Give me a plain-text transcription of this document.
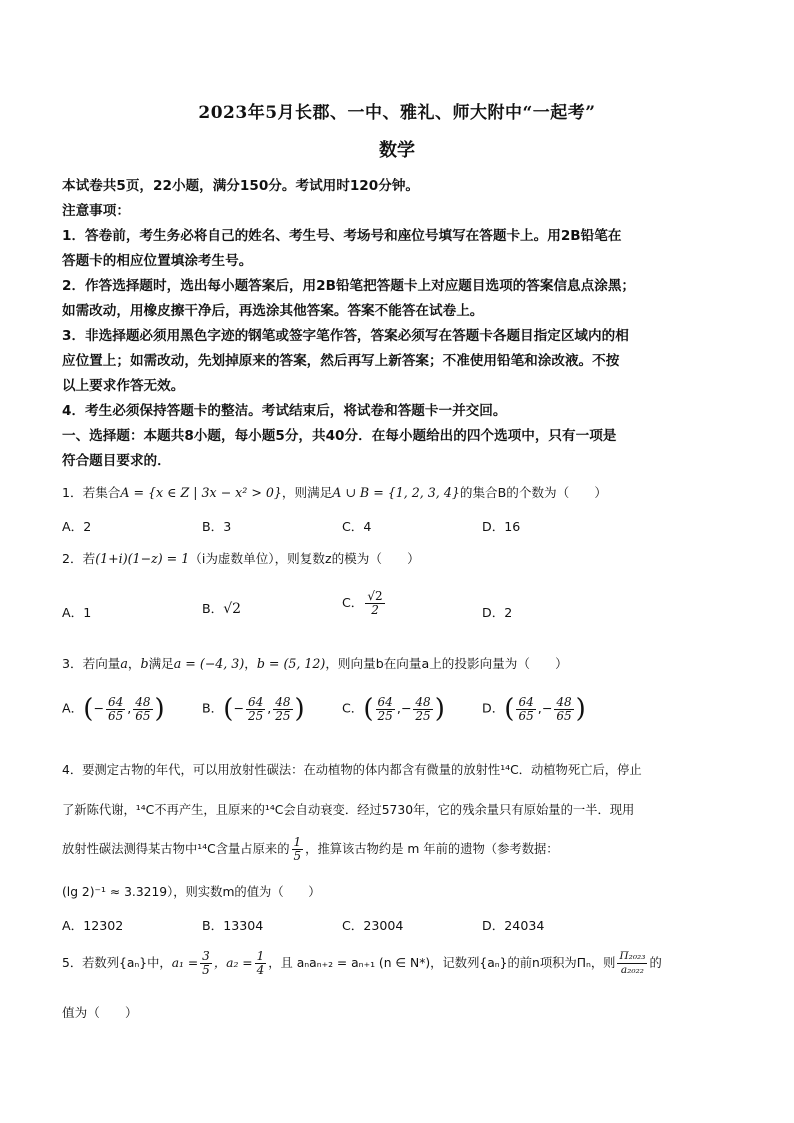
2023年5月长郡、一中、雅礼、师大附中“一起考”
数学
本试卷共5页，22小题，满分150分。考试用时120分钟。
注意事项：
1．答卷前，考生务必将自己的姓名、考生号、考场号和座位号填写在答题卡上。用2B铅笔在
答题卡的相应位置填涂考生号。
2．作答选择题时，选出每小题答案后，用2B铅笔把答题卡上对应题目选项的答案信息点涂黑；
如需改动，用橡皮擦干净后，再选涂其他答案。答案不能答在试卷上。
3．非选择题必须用黑色字迹的钢笔或签字笔作答，答案必须写在答题卡各题目指定区域内的相
应位置上；如需改动，先划掉原来的答案，然后再写上新答案；不准使用铅笔和涂改液。不按
以上要求作答无效。
4．考生必须保持答题卡的整洁。考试结束后，将试卷和答题卡一并交回。
一、选择题：本题共8小题，每小题5分，共40分．在每小题给出的四个选项中，只有一项是
符合题目要求的．
1．若集合A = {x ∈ Z | 3x − x² > 0}，则满足A ∪ B = {1, 2, 3, 4}的集合B的个数为（　　）
A．2	B．3	C．4	D．16
2．若(1+i)(1−z) = 1（i为虚数单位），则复数z的模为（　　）
A．1	B．√2	C． $\frac{√2}{2}$	D．2
3．若向量a，b满足a = (−4, 3)，b = (5, 12)，则向量b在向量a上的投影向量为（　　）
A．(− $\frac{64}{65}$ , $\frac{48}{65}$ )	B．(− $\frac{64}{25}$ , $\frac{48}{25}$ )	C．( $\frac{64}{25}$ ,− $\frac{48}{25}$ )	D．( $\frac{64}{65}$ ,− $\frac{48}{65}$ )
4．要测定古物的年代，可以用放射性碳法：在动植物的体内都含有微量的放射性¹⁴C．动植物死亡后，停止
了新陈代谢，¹⁴C不再产生，且原来的¹⁴C会自动衰变．经过5730年，它的残余量只有原始量的一半．现用
放射性碳法测得某古物中¹⁴C含量占原来的 $\frac{1}{5}$ ，推算该古物约是 m 年前的遗物（参考数据：
(lg 2)⁻¹ ≈ 3.3219），则实数m的值为（　　）
A．12302	B．13304	C．23004	D．24034
5．若数列{aₙ}中，$a_1 = \frac{3}{5}$ ，$a_2 = \frac{1}{4}$ ，且 aₙaₙ₊₂ = aₙ₊₁ (n ∈ N*)，记数列{aₙ}的前n项积为Πₙ，则 $\frac{\text{Π₂₀₂₃}}{\text{a₂₀₂₂}}$ 的
值为（　　）
